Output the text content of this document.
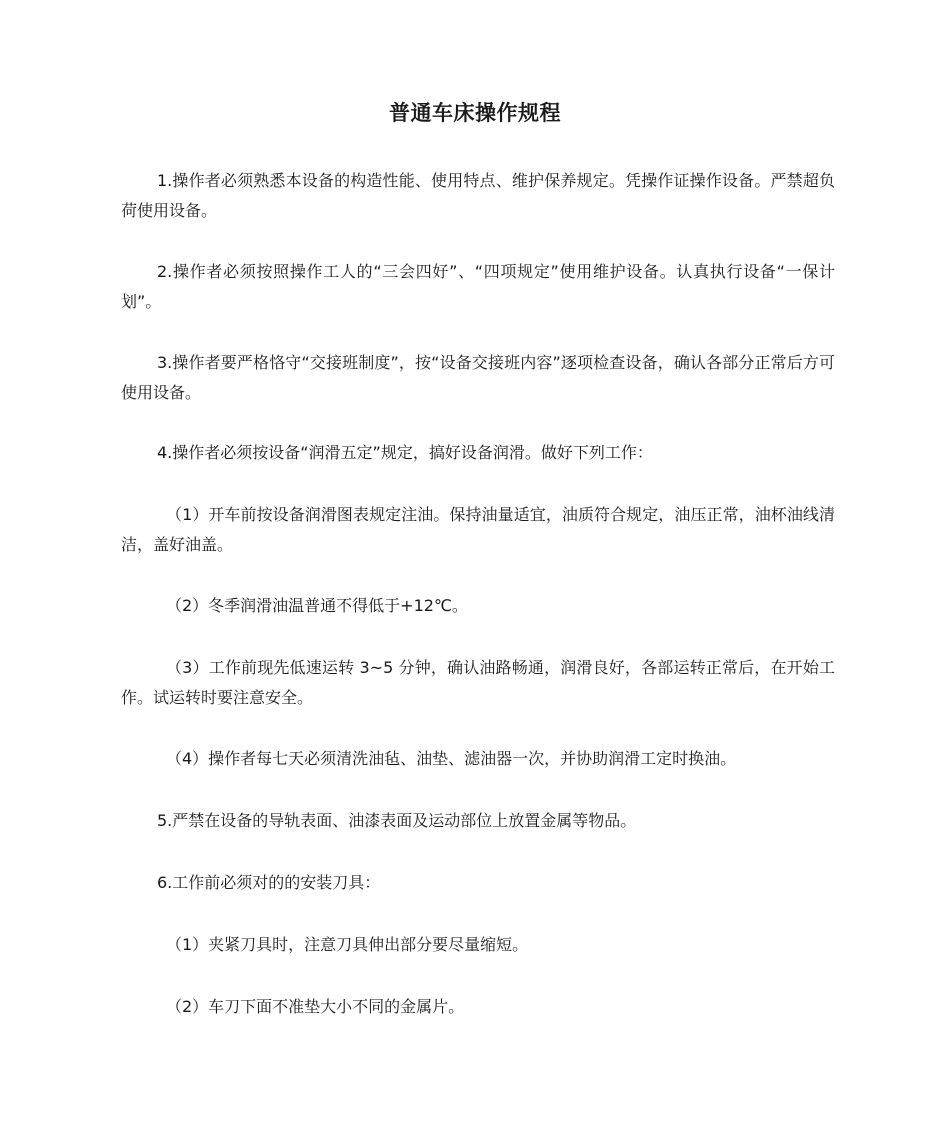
普通车床操作规程

1.操作者必须熟悉本设备的构造性能、使用特点、维护保养规定。凭操作证操作设备。严禁超负荷使用设备。

2.操作者必须按照操作工人的“三会四好”、“四项规定”使用维护设备。认真执行设备“一保计划”。

3.操作者要严格恪守“交接班制度”，按“设备交接班内容”逐项检查设备，确认各部分正常后方可使用设备。

4.操作者必须按设备“润滑五定”规定，搞好设备润滑。做好下列工作：

（1）开车前按设备润滑图表规定注油。保持油量适宜，油质符合规定，油压正常，油杯油线清洁，盖好油盖。

（2）冬季润滑油温普通不得低于+12℃。

（3）工作前现先低速运转 3~5 分钟，确认油路畅通，润滑良好，各部运转正常后，在开始工作。试运转时要注意安全。

（4）操作者每七天必须清洗油毡、油垫、滤油器一次，并协助润滑工定时换油。

5.严禁在设备的导轨表面、油漆表面及运动部位上放置金属等物品。

6.工作前必须对的的安装刀具：

（1）夹紧刀具时，注意刀具伸出部分要尽量缩短。

（2）车刀下面不准垫大小不同的金属片。
